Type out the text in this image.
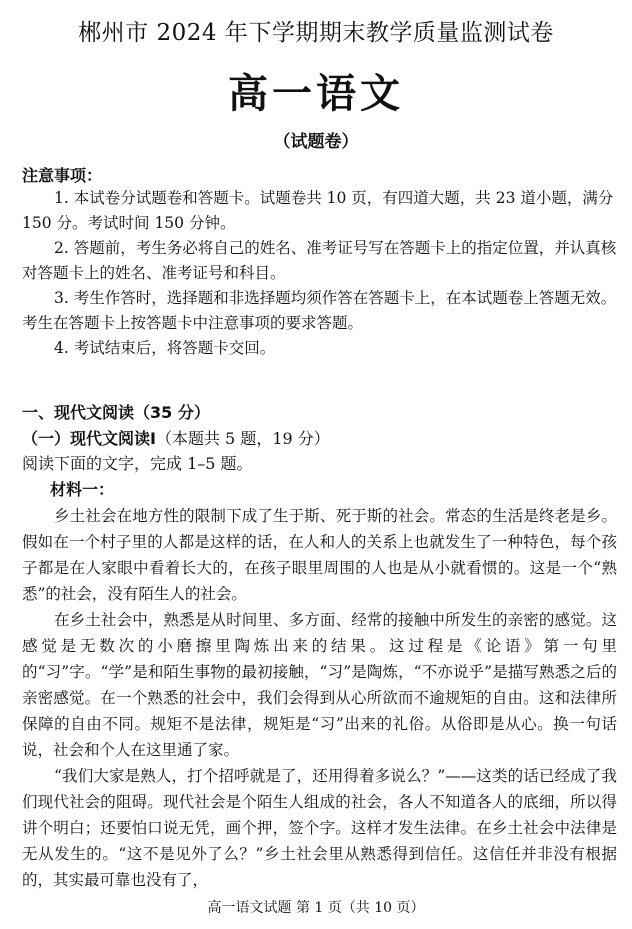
郴州市 2024 年下学期期末教学质量监测试卷
高一语文
（试题卷）
注意事项：

1. 本试卷分试题卷和答题卡。试题卷共 10 页，有四道大题，共 23 道小题，满分 150 分。考试时间 150 分钟。

2. 答题前，考生务必将自己的姓名、准考证号写在答题卡上的指定位置，并认真核对答题卡上的姓名、准考证号和科目。

3. 考生作答时，选择题和非选择题均须作答在答题卡上，在本试题卷上答题无效。考生在答题卡上按答题卡中注意事项的要求答题。

4. 考试结束后，将答题卡交回。

一、现代文阅读（35 分）
（一）现代文阅读Ⅰ（本题共 5 题，19 分）
阅读下面的文字，完成 1–5 题。
材料一：

乡土社会在地方性的限制下成了生于斯、死于斯的社会。常态的生活是终老是乡。假如在一个村子里的人都是这样的话，在人和人的关系上也就发生了一种特色，每个孩子都是在人家眼中看着长大的，在孩子眼里周围的人也是从小就看惯的。这是一个“熟悉”的社会，没有陌生人的社会。

在乡土社会中，熟悉是从时间里、多方面、经常的接触中所发生的亲密的感觉。这感觉是无数次的小磨擦里陶炼出来的结果。这过程是《论语》第一句里的“习”字。“学”是和陌生事物的最初接触，“习”是陶炼，“不亦说乎”是描写熟悉之后的亲密感觉。在一个熟悉的社会中，我们会得到从心所欲而不逾规矩的自由。这和法律所保障的自由不同。规矩不是法律，规矩是“习”出来的礼俗。从俗即是从心。换一句话说，社会和个人在这里通了家。

“我们大家是熟人，打个招呼就是了，还用得着多说么？”——这类的话已经成了我们现代社会的阻碍。现代社会是个陌生人组成的社会，各人不知道各人的底细，所以得讲个明白；还要怕口说无凭，画个押，签个字。这样才发生法律。在乡土社会中法律是无从发生的。“这不是见外了么？”乡土社会里从熟悉得到信任。这信任并非没有根据的，其实最可靠也没有了，

高一语文试题 第 1 页（共 10 页）
